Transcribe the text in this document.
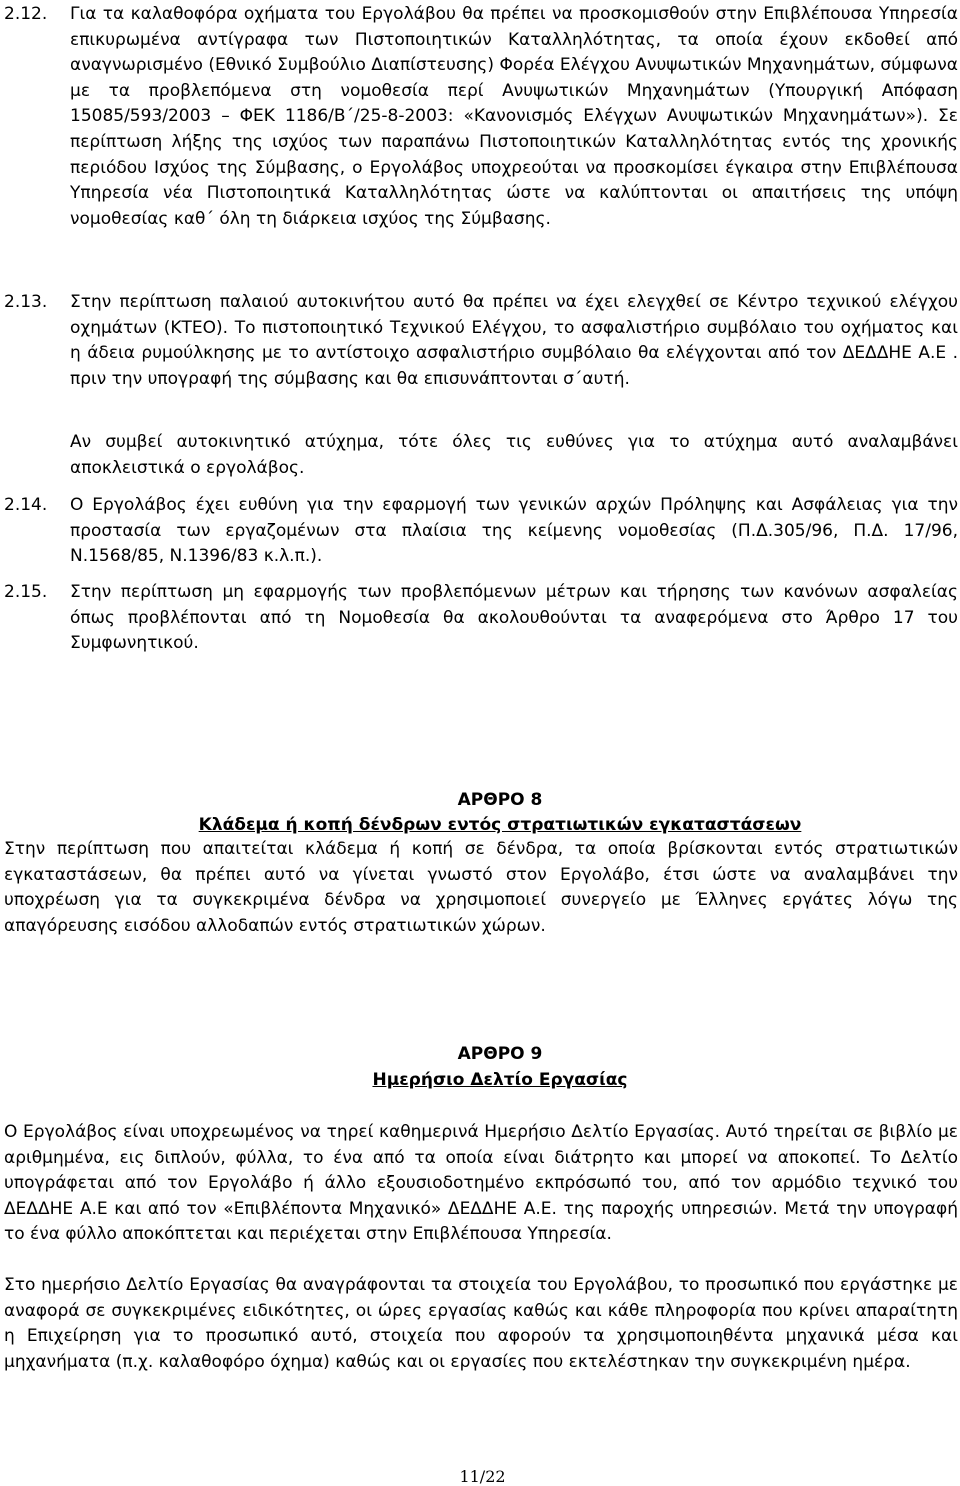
2.12. Για τα καλαθοφόρα οχήματα του Εργολάβου θα πρέπει να προσκομισθούν στην Επιβλέπουσα Υπηρεσία επικυρωμένα αντίγραφα των Πιστοποιητικών Καταλληλότητας, τα οποία έχουν εκδοθεί από αναγνωρισμένο (Εθνικό Συμβούλιο Διαπίστευσης) Φορέα Ελέγχου Ανυψωτικών Μηχανημάτων, σύμφωνα με τα προβλεπόμενα στη νομοθεσία περί Ανυψωτικών Μηχανημάτων (Υπουργική Απόφαση 15085/593/2003 – ΦΕΚ 1186/Β΄/25-8-2003: «Κανονισμός Ελέγχων Ανυψωτικών Μηχανημάτων»). Σε περίπτωση λήξης της ισχύος των παραπάνω Πιστοποιητικών Καταλληλότητας εντός της χρονικής περιόδου Ισχύος της Σύμβασης, ο Εργολάβος υποχρεούται να προσκομίσει έγκαιρα στην Επιβλέπουσα Υπηρεσία νέα Πιστοποιητικά Καταλληλότητας ώστε να καλύπτονται οι απαιτήσεις της υπόψη νομοθεσίας καθ΄ όλη τη διάρκεια ισχύος της Σύμβασης.
2.13. Στην περίπτωση παλαιού αυτοκινήτου αυτό θα πρέπει να έχει ελεγχθεί σε Κέντρο τεχνικού ελέγχου οχημάτων (ΚΤΕΟ). Το πιστοποιητικό Τεχνικού Ελέγχου, το ασφαλιστήριο συμβόλαιο του οχήματος και η άδεια ρυμούλκησης με το αντίστοιχο ασφαλιστήριο συμβόλαιο θα ελέγχονται από τον ΔΕΔΔΗΕ Α.Ε . πριν την υπογραφή της σύμβασης και θα επισυνάπτονται σ΄αυτή.
Αν συμβεί αυτοκινητικό ατύχημα, τότε όλες τις ευθύνες για το ατύχημα αυτό αναλαμβάνει αποκλειστικά ο εργολάβος.
2.14. Ο Εργολάβος έχει ευθύνη για την εφαρμογή των γενικών αρχών Πρόληψης και Ασφάλειας για την προστασία των εργαζομένων στα πλαίσια της κείμενης νομοθεσίας (Π.Δ.305/96, Π.Δ. 17/96, Ν.1568/85, Ν.1396/83 κ.λ.π.).
2.15. Στην περίπτωση μη εφαρμογής των προβλεπόμενων μέτρων και τήρησης των κανόνων ασφαλείας όπως προβλέπονται από τη Νομοθεσία θα ακολουθούνται τα αναφερόμενα στο Άρθρο 17 του Συμφωνητικού.
ΑΡΘΡΟ 8
Κλάδεμα ή κοπή δένδρων εντός στρατιωτικών εγκαταστάσεων
Στην περίπτωση που απαιτείται κλάδεμα ή κοπή σε δένδρα, τα οποία βρίσκονται εντός στρατιωτικών εγκαταστάσεων, θα πρέπει αυτό να γίνεται γνωστό στον Εργολάβο, έτσι ώστε να αναλαμβάνει την υποχρέωση για τα συγκεκριμένα δένδρα να χρησιμοποιεί συνεργείο με Έλληνες εργάτες λόγω της απαγόρευσης εισόδου αλλοδαπών εντός στρατιωτικών χώρων.
ΑΡΘΡΟ 9
Ημερήσιο Δελτίο Εργασίας
Ο Εργολάβος είναι υποχρεωμένος να τηρεί καθημερινά Ημερήσιο Δελτίο Εργασίας. Αυτό τηρείται σε βιβλίο με αριθμημένα, εις διπλούν, φύλλα, το ένα από τα οποία είναι διάτρητο και μπορεί να αποκοπεί. Το Δελτίο υπογράφεται από τον Εργολάβο ή άλλο εξουσιοδοτημένο εκπρόσωπό του, από τον αρμόδιο τεχνικό του ΔΕΔΔΗΕ Α.Ε και από τον «Επιβλέποντα Μηχανικό» ΔΕΔΔΗΕ Α.Ε. της παροχής υπηρεσιών. Μετά την υπογραφή το ένα φύλλο αποκόπτεται και περιέχεται στην Επιβλέπουσα Υπηρεσία.
Στο ημερήσιο Δελτίο Εργασίας θα αναγράφονται τα στοιχεία του Εργολάβου, το προσωπικό που εργάστηκε με αναφορά σε συγκεκριμένες ειδικότητες, οι ώρες εργασίας καθώς και κάθε πληροφορία που κρίνει απαραίτητη η Επιχείρηση για το προσωπικό αυτό, στοιχεία που αφορούν τα χρησιμοποιηθέντα μηχανικά μέσα και μηχανήματα (π.χ. καλαθοφόρο όχημα) καθώς και οι εργασίες που εκτελέστηκαν την συγκεκριμένη ημέρα.
11/22
